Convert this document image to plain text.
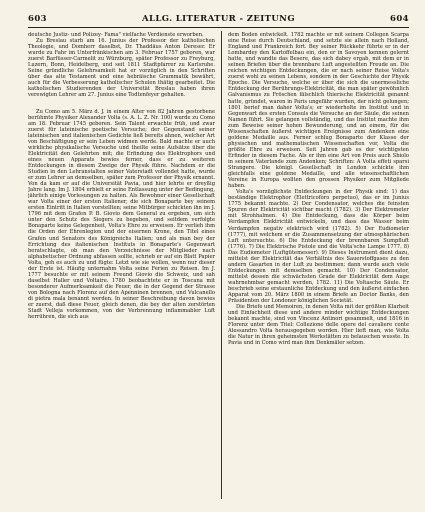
603	ALLG. LITERATUR - ZEITUNG	604

deutsche Justiz- und Polizey- Fama" vielfache Verdienste erworben.

Zu Breslau starb am 16. Junius der Professor der katholischen Theologie, und Domherr daselbst, Dr. Thaddäus Anton Dereser. Er wurde zu Fahr im Unterfränkischen am 3. Februar 1757 geboren, war zuerst Barfüsser-Carmelit zu Würzburg, später Professor zu Freyburg, Luzern, Bonn, Heidelberg, und seit 1811 Stadtpfarrer zu Karlsruhe. Seine gründliche Gelehrsamkeit hat er vorzüglich in den Schriften über das alte Testament und eine hebräische Grammatik bewährt, auch für die Verbesserung katholischer Schulen thätig gearbeitet. Die katholischen Studierenden der Universität Breslau haben ihren verewigten Lehrer am 27. Junius eine Todtenfeyer gehalten.

Zu Como am 5. März d. J. in einem Alter von 82 Jahren gestorbene berühmte Physiker Alexander Volta (s. A. L. Z. Nr. 100) wurde zu Como am 18. Februar 1745 geboren. Sein Talent erwachte früh, und zwar zuerst für lateinische poetische Versuche; der Gegenstand seiner lateinischen und italienischen Gedichte ließ bereits ahnen, welcher Art von Beschäftigung er sein Leben widmen werde. Bald machte er auch wirkliche physikalische Versuche und theilte seine Aufsätze über die Elektricität den Gelehrten mit; die Erfindung des Elektrophors und eines neuen Apparats bewies ferner, dass er zu weiteren Entdeckungen in diesem Zweige der Physik führe. Nachdem er die Studien in den Lehranstalten seiner Vaterstadt vollendet hatte, wurde er zum Lehrer an demselben, später zum Professor der Physik ernannt. Von da kam er auf die Universität Pavia, und hier lehrte er dreyßig Jahre lang. Im J. 1804 erbielt er seine Entlassung unter der Bedingung, jährlich einige Vorlesungen zu halten. Als Bewohner einer Gesellschaft war Volta einer der ersten Italiener, die sich Bonaparte bey seinem ersten Eintritt in Italien vorstellten; seine Mitbürger schickten ihn im J. 1796 mit dem Grafen P. B. Giovio dem General zu ergeben, um sich unter den Schutz des Siegers zu begeben, und seitdem verfolgte Bonaparte keine Gelegenheit, Volta's Ehre zu erweisen. Er verlieh ihm die Orden der Ehrenlegion und der eisernen Krone, den Titel eines Grafen und Senators des Königreichs Italien; und als man bey der Errichtung des italienischen Instituts in Bonaparte's Gegenwart beratschlagte, ob man den Verzeichnisse der Mitglieder nach alphabetischer Ordnung abfassen sollte, schrieb er auf ein Blatt Papier Volta, geh es auch zu und fügte: Letzt wie sie wollen, wenn nur dieser der Erste ist. Häufig unternahm Volta seine Ferien zu Reisen. Im J. 1777 besuchte er mit seinem Freund Giovio die Schweiz, und sah daselbst Haller und Voltaire. 1780 beobachtete er in Toscana mit besonderer Aufmerksamkeit die Feuer, die in der Gegend der Strasse von Bologna nach Florenz auf den Apenninen brennen, und Vulcanello di pietra mala benannt werden. In seiner Beschreibung davon bewies er zuerst, daß diese Feuer, gleich denen, die bey der alten zerstörten Stadt Velleja vorkommen, von der Verbrennung inflammabler Luft herrühren, die sich aus

dem Boden entwickelt. 1782 machte er mit seinem Collegen Scarpa eine Reise durch Deutschland, und setzte sie allein nach Holland, England und Frankreich fort. Bey seiner Rückkehr führte er in der Lombardey den Kartoffelbau ein, den er in Savoyen kennen gelernt hatte, und wandte das Besere, das sich dabey ergab, mit dem er in seinen Briefen über die brennbare Luft angestellten Freude an. Die reichen wichtigen Entdeckungen, die er nach seiner Reise Volta's zuerst wohl zu seinen Lebens, sondern in der Geschichte der Physik Epoche. Die Versuche, welche er über die sich die unermessliche Entdeckung der Berührungs-Elektricität, die man später gewöhnlich Galvanismus zu Fröschen fälschlich thierische Elektricität genannt hatte, gründet, waren in Paris ungefähr wurden, der nicht gelungen; 1801 berief man daher Volta's; er wiederholte im Institut und in Gegenwart des ersten Consuls die Versuche an der Säule, die seinen Namen führt. Sie gelangen vollständig, und das Institut machte ihm zum Beweise seiner hohen Bewunderung, und an einem, für die Wissenschaften äußerst wichtigen Ereignisse zum Andenken eine goldene Medaille aus. Ferner schlug Bonaparte der Klasse der physischen und mathematischen Wissenschaften vor, Volta die größte Ehre zu erweisen. Seit Jahren gab es der wichtigsten Erfinder in diesem Fache. Als er ihm eine Art von Preis auch Sbiolo in seinem Vaterlande zum Andenken; Schriften: A Volta effeti sparsi Strangere. Die königl. Gesellschaft in London schickte ihm gleichfalls eine goldene Medaille, und alle wissenschaftlichen Vereine in Europa wollten den grossen Physiker zum Mitgliede haben.

Volta's vorzüglichste Entdeckungen in der Physik sind: 1) das beständige Elektrophor (Elettricofòro perpetuo), das er im Junius 1775 bekannt machte. 2) Der Condensator, welches die feinsten Spuren der Elektricität sichtbar macht (1782). 3) Der Elektrometer mit Strohhalmen. 4) Die Entdeckung, dass die Körper beim Verdampfen Elektricität entwickeln, und dass das Wasser beim Verdampfen negativ elektrisch wird (1782). 5) Der Eudiometer (1777), mit welchem er die Zusammensetzung der atmosphärischen Luft untersuchte. 6) Die Entdeckung der brennbaren Sumpfluft (1776). 7) Die Elektrische Pistole und die Volta'sche Lampe 1777. 8) Das Eudiometer (Luftgütemesser). 9) Dieses Instrument dient dazu, mittelst der Elektricität das Verhältnis des Sauerstoffgases zu den andern Gasarten in der Luft zu bestimmen; dann wurde auch viele Entdeckungen mit demselben gemacht. 10) Der Condensator, mittelst dessen die schwächsten Grade der Elektricität dem Auge wahrnehmbar gemacht werden, 1782. 11) Die Voltasche Säule. Er beschrieb seine erstaunliche Entdeckung und den äußerst einfachen Apparat vom 20. März 1800 in einem Briefe an Doctor Banks, den Präsidenten der Londoner königlichen Societät.

Die Briefe und Memoiren, in denen Volta mit der größten Klarheit und Einfachheit diese und andere minder wichtige Entdeckungen bekannt machte, sind von Vincenz Antinori gesammelt, und 1816 in Florenz unter dem Titel: Collezione delle opere del cavaliere conte Alessandro Volta herausgegeben worden. Hier lieft man, wie Volta die Natur in ihren geheimsten Werkstätten zu belauschen wusste. In Pavia und in Como wird man ihm Denkmäler setzen.
